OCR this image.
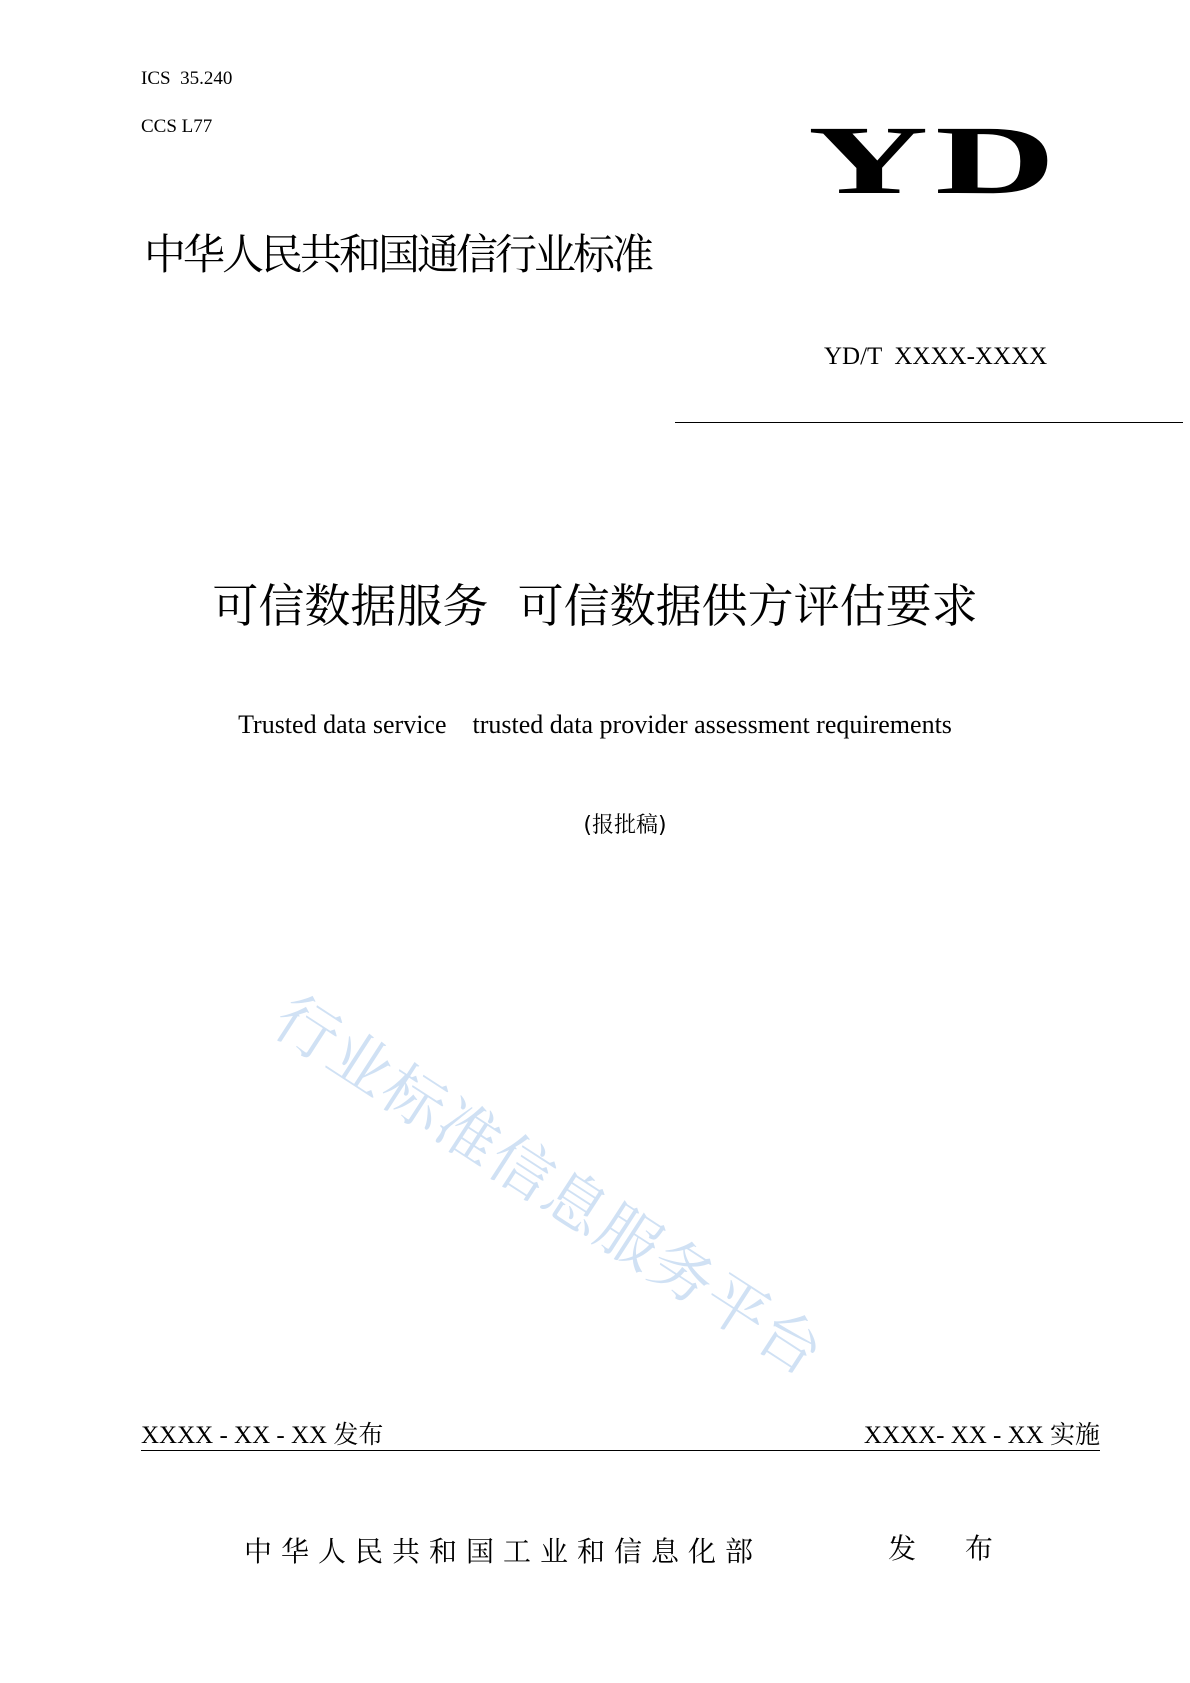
ICS  35.240
CCS L77	YD
中华人民共和国通信行业标准
YD/T  XXXX-XXXX
可信数据服务  可信数据供方评估要求
Trusted data service    trusted data provider assessment requirements
(报批稿)
行业标准信息服务平台
XXXX - XX - XX 发布	XXXX- XX - XX 实施
中华人民共和国工业和信息化部	发 布
